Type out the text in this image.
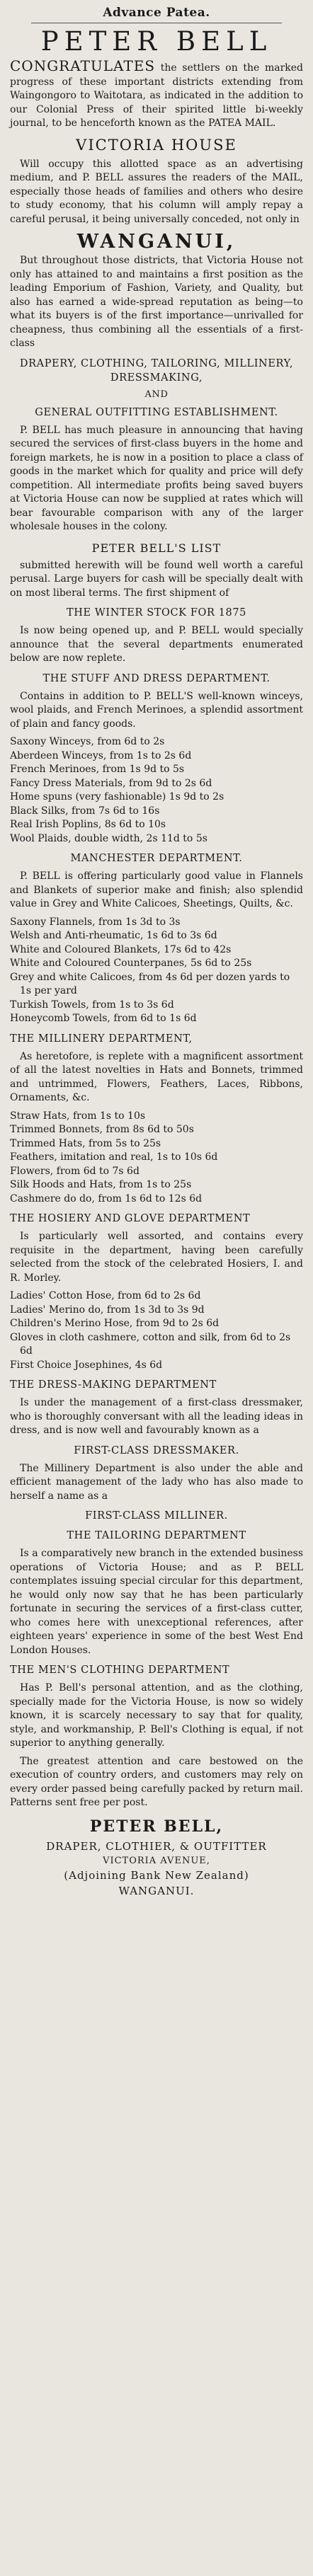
Advance Patea.
PETER BELL
CONGRATULATES the settlers on the marked progress of these important districts extending from Waingongoro to Waitotara, as indicated in the addition to our Colonial Press of their spirited little bi-weekly journal, to be henceforth known as the PATEA MAIL.
VICTORIA HOUSE
Will occupy this allotted space as an advertising medium, and P. BELL assures the readers of the MAIL, especially those heads of families and others who desire to study economy, that his column will amply repay a careful perusal, it being universally conceded, not only in
WANGANUI,
But throughout those districts, that Victoria House not only has attained to and maintains a first position as the leading Emporium of Fashion, Variety, and Quality, but also has earned a wide-spread reputation as being—to what its buyers is of the first importance—unrivalled for cheapness, thus combining all the essentials of a first-class
DRAPERY, CLOTHING, TAILORING, MILLINERY, DRESSMAKING,
AND
GENERAL OUTFITTING ESTABLISHMENT.
P. BELL has much pleasure in announcing that having secured the services of first-class buyers in the home and foreign markets, he is now in a position to place a class of goods in the market which for quality and price will defy competition. All intermediate profits being saved buyers at Victoria House can now be supplied at rates which will bear favourable comparison with any of the larger wholesale houses in the colony.
PETER BELL'S LIST
submitted herewith will be found well worth a careful perusal. Large buyers for cash will be specially dealt with on most liberal terms. The first shipment of
THE WINTER STOCK FOR 1875
Is now being opened up, and P. BELL would specially announce that the several departments enumerated below are now replete.
THE STUFF AND DRESS DEPARTMENT.
Contains in addition to P. BELL'S well-known winceys, wool plaids, and French Merinoes, a splendid assortment of plain and fancy goods.
Saxony Winceys, from 6d to 2s
Aberdeen Winceys, from 1s to 2s 6d
French Merinoes, from 1s 9d to 5s
Fancy Dress Materials, from 9d to 2s 6d
Home spuns (very fashionable) 1s 9d to 2s
Black Silks, from 7s 6d to 16s
Real Irish Poplins, 8s 6d to 10s
Wool Plaids, double width, 2s 11d to 5s
MANCHESTER DEPARTMENT.
P. BELL is offering particularly good value in Flannels and Blankets of superior make and finish; also splendid value in Grey and White Calicoes, Sheetings, Quilts, &c.
Saxony Flannels, from 1s 3d to 3s
Welsh and Anti-rheumatic, 1s 6d to 3s 6d
White and Coloured Blankets, 17s 6d to 42s
White and Coloured Counterpanes, 5s 6d to 25s
Grey and white Calicoes, from 4s 6d per dozen yards to 1s per yard
Turkish Towels, from 1s to 3s 6d
Honeycomb Towels, from 6d to 1s 6d
THE MILLINERY DEPARTMENT,
As heretofore, is replete with a magnificent assortment of all the latest novelties in Hats and Bonnets, trimmed and untrimmed, Flowers, Feathers, Laces, Ribbons, Ornaments, &c.
Straw Hats, from 1s to 10s
Trimmed Bonnets, from 8s 6d to 50s
Trimmed Hats, from 5s to 25s
Feathers, imitation and real, 1s to 10s 6d
Flowers, from 6d to 7s 6d
Silk Hoods and Hats, from 1s to 25s
Cashmere do do, from 1s 6d to 12s 6d
THE HOSIERY AND GLOVE DEPARTMENT
Is particularly well assorted, and contains every requisite in the department, having been carefully selected from the stock of the celebrated Hosiers, I. and R. Morley.
Ladies' Cotton Hose, from 6d to 2s 6d
Ladies' Merino do, from 1s 3d to 3s 9d
Children's Merino Hose, from 9d to 2s 6d
Gloves in cloth cashmere, cotton and silk, from 6d to 2s 6d
First Choice Josephines, 4s 6d
THE DRESS-MAKING DEPARTMENT
Is under the management of a first-class dressmaker, who is thoroughly conversant with all the leading ideas in dress, and is now well and favourably known as a
FIRST-CLASS DRESSMAKER.
The Millinery Department is also under the able and efficient management of the lady who has also made to herself a name as a
FIRST-CLASS MILLINER.
THE TAILORING DEPARTMENT
Is a comparatively new branch in the extended business operations of Victoria House; and as P. BELL contemplates issuing special circular for this department, he would only now say that he has been particularly fortunate in securing the services of a first-class cutter, who comes here with unexceptional references, after eighteen years' experience in some of the best West End London Houses.
THE MEN'S CLOTHING DEPARTMENT
Has P. Bell's personal attention, and as the clothing, specially made for the Victoria House, is now so widely known, it is scarcely necessary to say that for quality, style, and workmanship, P. Bell's Clothing is equal, if not superior to anything generally.
The greatest attention and care bestowed on the execution of country orders, and customers may rely on every order passed being carefully packed by return mail. Patterns sent free per post.
PETER BELL,
DRAPER, CLOTHIER, & OUTFITTER
VICTORIA AVENUE,
(Adjoining Bank New Zealand)
WANGANUI.
